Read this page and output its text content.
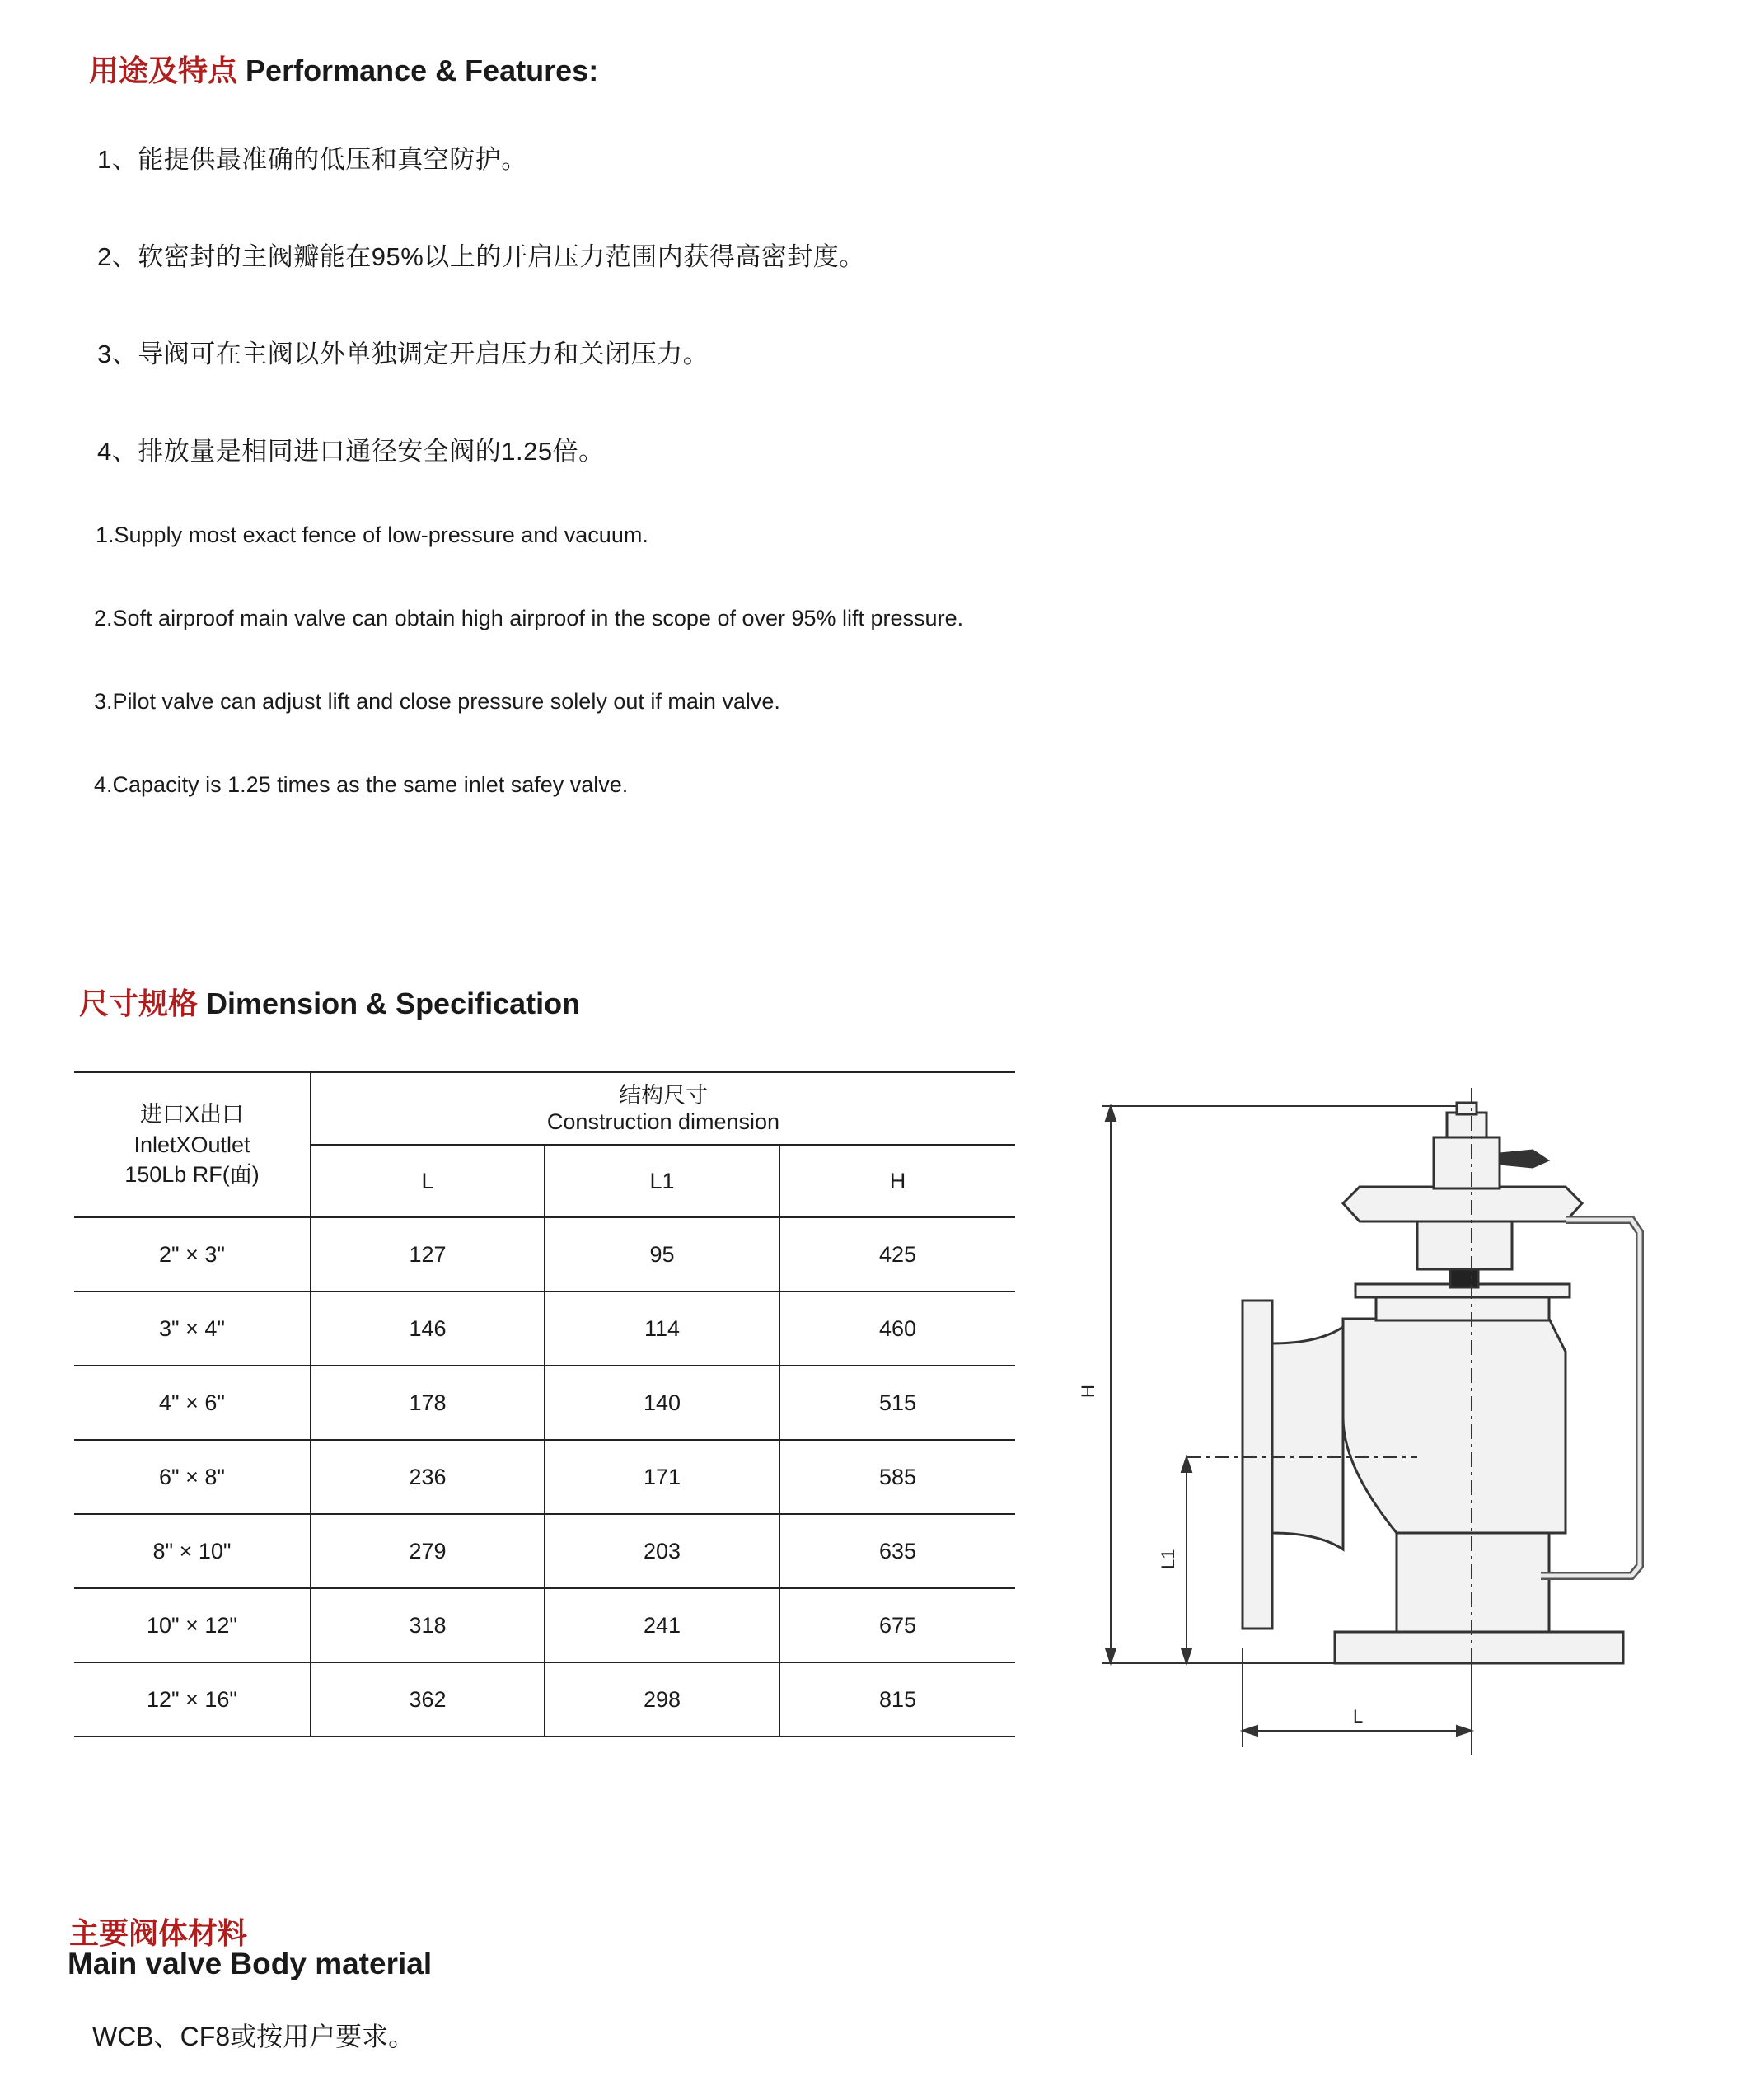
用途及特点 Performance & Features:
1、能提供最准确的低压和真空防护。
2、软密封的主阀瓣能在95%以上的开启压力范围内获得高密封度。
3、导阀可在主阀以外单独调定开启压力和关闭压力。
4、排放量是相同进口通径安全阀的1.25倍。
1.Supply most exact fence of low-pressure and vacuum.
2.Soft airproof main valve can obtain high airproof in the scope of over 95% lift pressure.
3.Pilot valve can adjust lift and close pressure solely out if main valve.
4.Capacity is 1.25 times as the same inlet safey valve.
尺寸规格 Dimension & Specification
进口X出口
InletXOutlet
150Lb RF(面)
结构尺寸
Construction dimension
L	L1	H
2" × 3"	127	95	425
3" × 4"	146	114	460
4" × 6"	178	140	515
6" × 8"	236	171	585
8" × 10"	279	203	635
10" × 12"	318	241	675
12" × 16"	362	298	815
H
L1
L
主要阀体材料
Main valve Body material
WCB、CF8或按用户要求。
